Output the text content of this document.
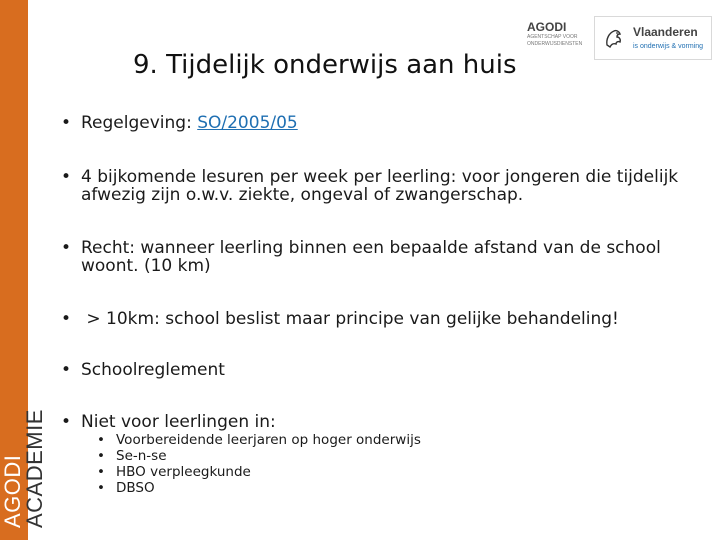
AGODI
ACADEMIE
9. Tijdelijk onderwijs aan huis
AGODI
AGENTSCHAP VOOR ONDERWIJSDIENSTEN
Vlaanderen
is onderwijs & vorming
• Regelgeving: SO/2005/05
• 4 bijkomende lesuren per week per leerling: voor jongeren die tijdelijk afwezig zijn o.w.v. ziekte, ongeval of zwangerschap.
• Recht: wanneer leerling binnen een bepaalde afstand van de school woont. (10 km)
• > 10km: school beslist maar principe van gelijke behandeling!
• Schoolreglement
• Niet voor leerlingen in:
• Voorbereidende leerjaren op hoger onderwijs
• Se-n-se
• HBO verpleegkunde
• DBSO
